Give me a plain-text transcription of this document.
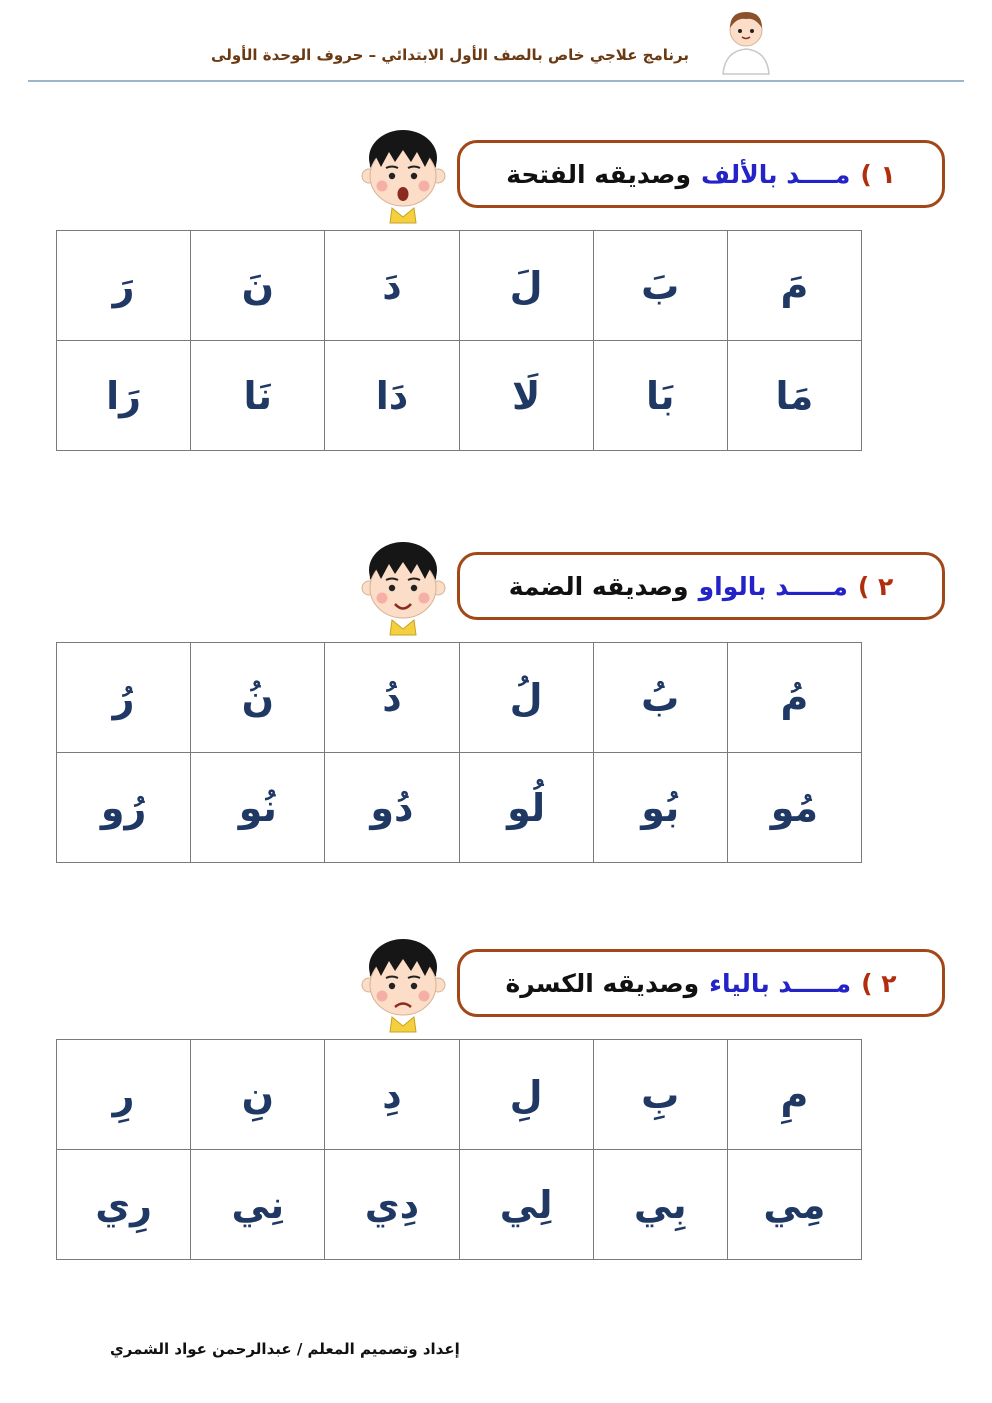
برنامج علاجي خاص بالصف الأول الابتدائي – حروف الوحدة الأولى
١ )
مــــد بالألف
وصديقه الفتحة
مَ	بَ	لَ	دَ	نَ	رَ
مَا	بَا	لَا	دَا	نَا	رَا
٢ )
مـــــد بالواو
وصديقه الضمة
مُ	بُ	لُ	دُ	نُ	رُ
مُو	بُو	لُو	دُو	نُو	رُو
٢ )
مـــــد بالياء
وصديقه الكسرة
مِ	بِ	لِ	دِ	نِ	رِ
مِي	بِي	لِي	دِي	نِي	رِي
إعداد وتصميم المعلم / عبدالرحمن عواد الشمري
